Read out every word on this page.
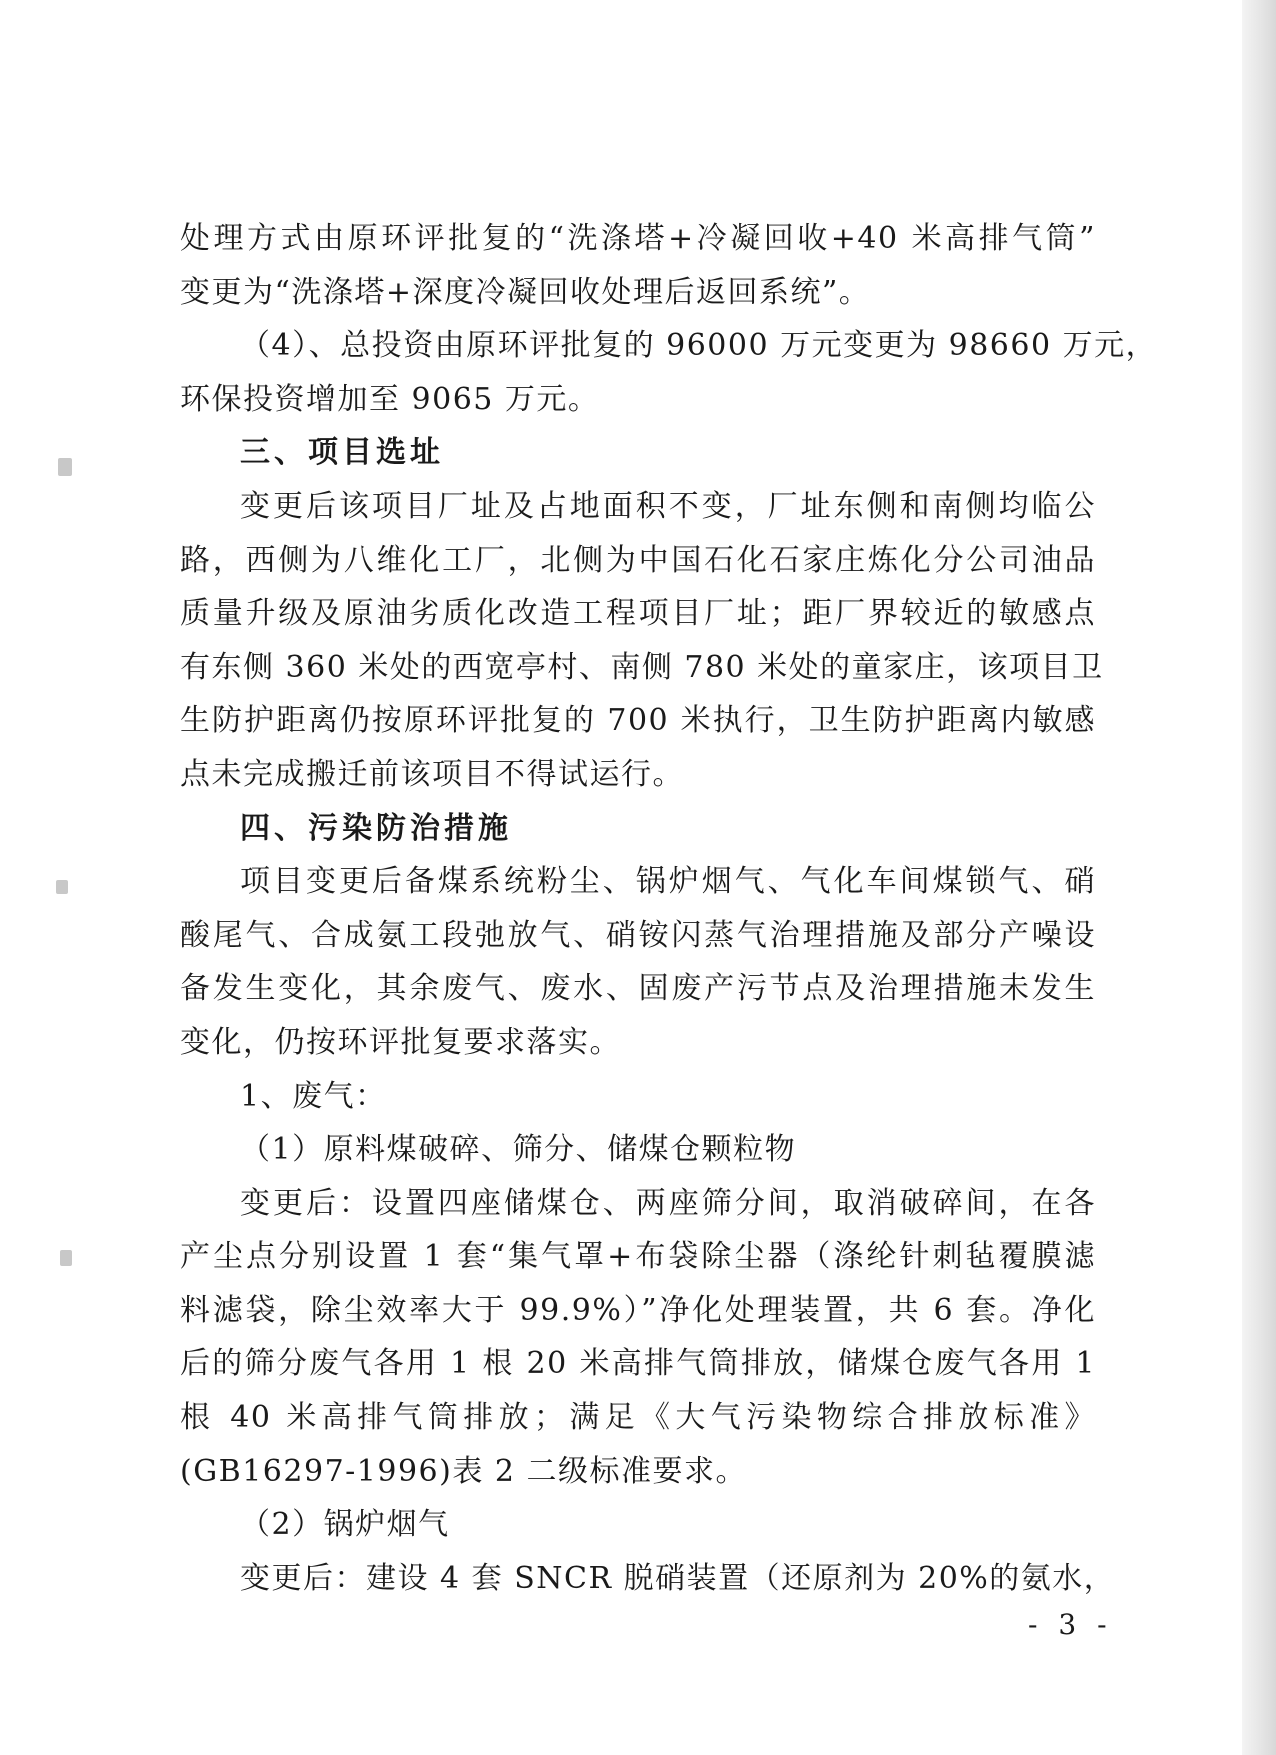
处理方式由原环评批复的“洗涤塔+冷凝回收+40 米高排气筒”
变更为“洗涤塔+深度冷凝回收处理后返回系统”。
（4）、总投资由原环评批复的 96000 万元变更为 98660 万元，
环保投资增加至 9065 万元。
三、项目选址
变更后该项目厂址及占地面积不变，厂址东侧和南侧均临公
路，西侧为八维化工厂，北侧为中国石化石家庄炼化分公司油品
质量升级及原油劣质化改造工程项目厂址；距厂界较近的敏感点
有东侧 360 米处的西宽亭村、南侧 780 米处的童家庄，该项目卫
生防护距离仍按原环评批复的 700 米执行，卫生防护距离内敏感
点未完成搬迁前该项目不得试运行。
四、污染防治措施
项目变更后备煤系统粉尘、锅炉烟气、气化车间煤锁气、硝
酸尾气、合成氨工段弛放气、硝铵闪蒸气治理措施及部分产噪设
备发生变化，其余废气、废水、固废产污节点及治理措施未发生
变化，仍按环评批复要求落实。
1、废气：
（1）原料煤破碎、筛分、储煤仓颗粒物
变更后：设置四座储煤仓、两座筛分间，取消破碎间，在各
产尘点分别设置 1 套“集气罩+布袋除尘器（涤纶针刺毡覆膜滤
料滤袋，除尘效率大于 99.9%）”净化处理装置，共 6 套。净化
后的筛分废气各用 1 根 20 米高排气筒排放，储煤仓废气各用 1
根 40 米高排气筒排放；满足《大气污染物综合排放标准》
(GB16297-1996)表 2 二级标准要求。
（2）锅炉烟气
变更后：建设 4 套 SNCR 脱硝装置（还原剂为 20%的氨水，
- 3 -
